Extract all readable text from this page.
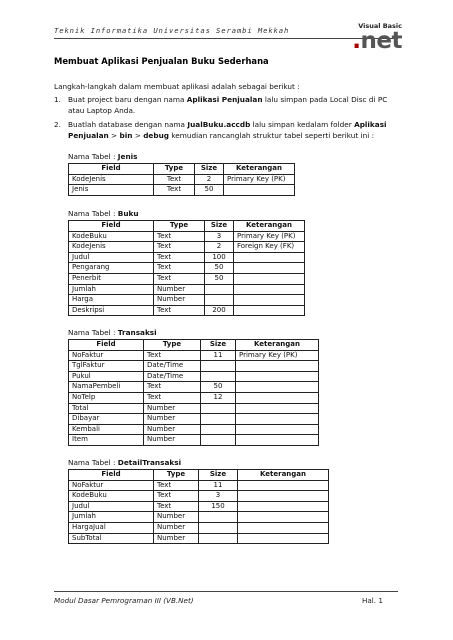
Teknik Informatika Universitas Serambi Mekkah	Visual Basic
.net
Membuat Aplikasi Penjualan Buku Sederhana
Langkah-langkah dalam membuat aplikasi adalah sebagai berikut :
1. Buat project baru dengan nama Aplikasi Penjualan lalu simpan pada Local Disc di PC atau Laptop Anda.
2. Buatlah database dengan nama JualBuku.accdb lalu simpan kedalam folder Aplikasi Penjualan > bin > debug kemudian rancanglah struktur tabel seperti berikut ini :
Nama Tabel : Jenis
Field	Type	Size	Keterangan
KodeJenis	Text	2	Primary Key (PK)
Jenis	Text	50	
Nama Tabel : Buku
Field	Type	Size	Keterangan
KodeBuku	Text	3	Primary Key (PK)
KodeJenis	Text	2	Foreign Key (FK)
Judul	Text	100	
Pengarang	Text	50	
Penerbit	Text	50	
Jumlah	Number		
Harga	Number		
Deskripsi	Text	200	
Nama Tabel : Transaksi
Field	Type	Size	Keterangan
NoFaktur	Text	11	Primary Key (PK)
TglFaktur	Date/Time		
Pukul	Date/Time		
NamaPembeli	Text	50	
NoTelp	Text	12	
Total	Number		
Dibayar	Number		
Kembali	Number		
Item	Number		
Nama Tabel : DetailTransaksi
Field	Type	Size	Keterangan
NoFaktur	Text	11	
KodeBuku	Text	3	
Judul	Text	150	
Jumlah	Number		
HargaJual	Number		
SubTotal	Number		
Modul Dasar Pemrograman III (VB.Net)	Hal. 1
